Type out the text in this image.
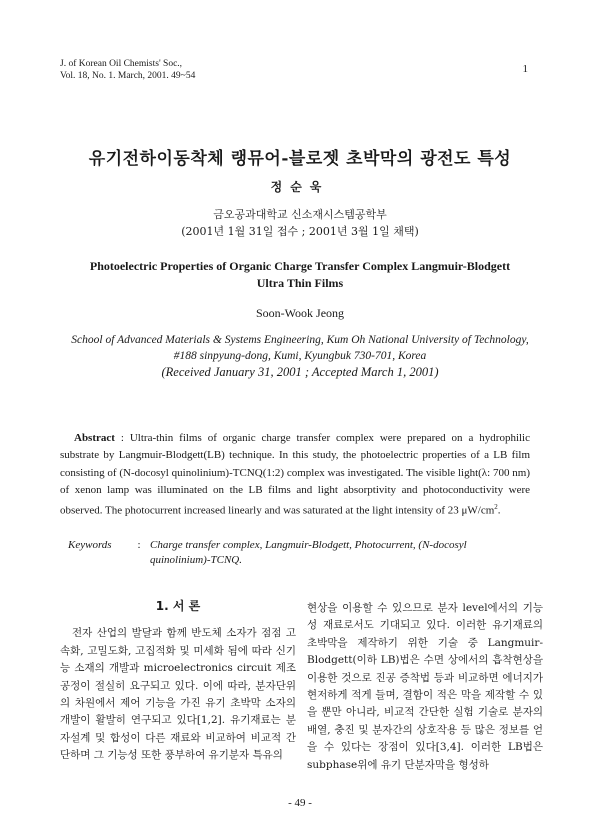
J. of Korean Oil Chemists' Soc.,
Vol. 18, No. 1. March, 2001. 49~54
1
유기전하이동착체 랭뮤어-블로젯 초박막의 광전도 특성
정순욱
금오공과대학교 신소재시스템공학부
(2001년 1월 31일 접수 ; 2001년 3월 1일 채택)
Photoelectric Properties of Organic Charge Transfer Complex Langmuir-Blodgett Ultra Thin Films
Soon-Wook Jeong
School of Advanced Materials & Systems Engineering, Kum Oh National University of Technology,
#188 sinpyung-dong, Kumi, Kyungbuk 730-701, Korea
(Received January 31, 2001 ; Accepted March 1, 2001)
Abstract : Ultra-thin films of organic charge transfer complex were prepared on a hydrophilic substrate by Langmuir-Blodgett(LB) technique. In this study, the photoelectric properties of a LB film consisting of (N-docosyl quinolinium)-TCNQ(1:2) complex was investigated. The visible light(λ: 700 nm) of xenon lamp was illuminated on the LB films and light absorptivity and photoconductivity were observed. The photocurrent increased linearly and was saturated at the light intensity of 23 $\mu W/cm^2$.
Keywords	: Charge transfer complex, Langmuir-Blodgett, Photocurrent, (N-docosyl quinolinium)-TCNQ.
1. 서 론

전자 산업의 발달과 함께 반도체 소자가 점점 고속화, 고밀도화, 고집적화 및 미세화 됨에 따라 신기능 소재의 개발과 microelectronics circuit 제조공정이 절실히 요구되고 있다. 이에 따라, 분자단위의 차원에서 제어 기능을 가진 유기 초박막 소자의 개발이 활발히 연구되고 있다[1,2]. 유기재료는 분자설계 및 합성이 다른 재료와 비교하여 비교적 간단하며 그 기능성 또한 풍부하여 유기분자 특유의

현상을 이용할 수 있으므로 분자 level에서의 기능성 재료로서도 기대되고 있다. 이러한 유기재료의 초박막을 제작하기 위한 기술 중 Langmuir-Blodgett(이하 LB)법은 수면 상에서의 흡착현상을 이용한 것으로 진공 증착법 등과 비교하면 에너지가 현저하게 적게 들며, 결함이 적은 막을 제작할 수 있을 뿐만 아니라, 비교적 간단한 실험 기술로 분자의 배열, 충진 및 분자간의 상호작용 등 많은 정보를 얻을 수 있다는 장점이 있다[3,4]. 이러한 LB법은 subphase위에 유기 단분자막을 형성하

- 49 -
